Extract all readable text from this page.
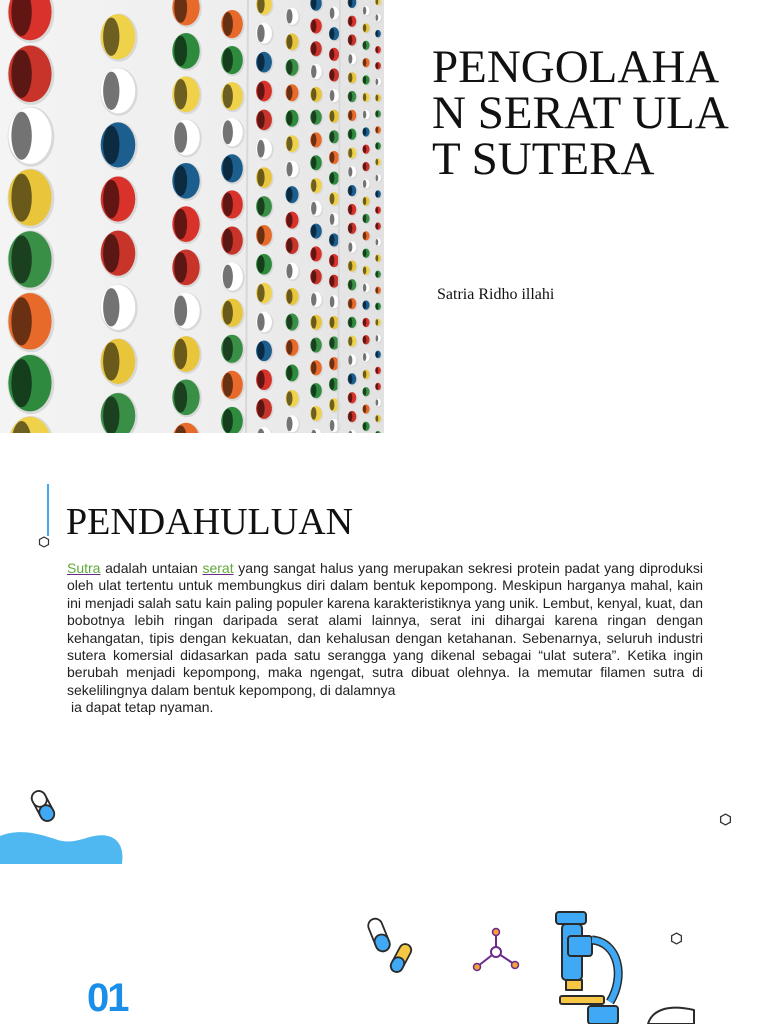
PENGOLAHAN SERAT ULAT SUTERA
Satria Ridho illahi
PENDAHULUAN

Sutra adalah untaian serat yang sangat halus yang merupakan sekresi protein padat yang diproduksi oleh ulat tertentu untuk membungkus diri dalam bentuk kepompong. Meskipun harganya mahal, kain ini menjadi salah satu kain paling populer karena karakteristiknya yang unik. Lembut, kenyal, kuat, dan bobotnya lebih ringan daripada serat alami lainnya, serat ini dihargai karena ringan dengan kehangatan, tipis dengan kekuatan, dan kehalusan dengan ketahanan. Sebenarnya, seluruh industri sutera komersial didasarkan pada satu serangga yang dikenal sebagai “ulat sutera”. Ketika ingin berubah menjadi kepompong, maka ngengat, sutra dibuat olehnya. Ia memutar filamen sutra di sekelilingnya dalam bentuk kepompong, di dalamnya
ia dapat tetap nyaman.

01
